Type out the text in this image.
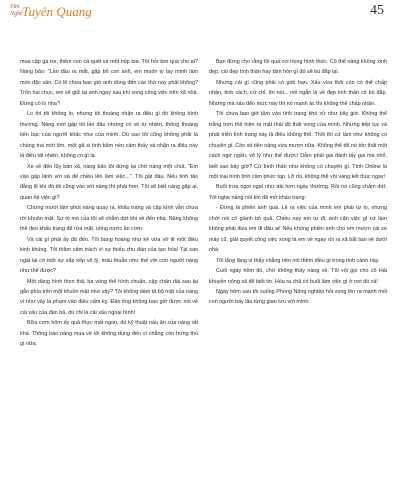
Văn
Nghệ Tuyên Quang	45

mua cặp gà tre, thêm con cá quết và một hộp bia. Tôi hỏi làm quà cho ai? Nàng bảo: "Lần đầu ra mắt, gặp bố con anh, em muốn ty tay mình làm món đặc sản. Có lẽ chưa bao giờ anh dùng đến các thứ này phải không? Trốn hai chục, em sẽ giữ lại anh ngay sau khi xong công việc trên xã nhà. Đừng có lo nha"!

Lo thì tôi không lo, nhưng tôi thoáng nhận ra điều gì đó không bình thường. Nàng mới gặp tôi lần đầu nhưng có vẻ tự nhiên, thông thoáng tiến bạc của người khác như của mình. Dù sao tôi cũng không phải là chàng trai mới lớn, một gã si tình bẩm nén cảm thấy và nhận ra điều này là điều tất nhiên, không có gì lạ.

Xe về đến lũy bản xã, nàng bảo tôi đứng lại chờ nàng một chút. "Em vào gặp lãnh với xã để chiều lên làm việc...". Tôi gật đầu. Nếu tình tảo đằng lẽ khi đó tôi cũng vào với nàng thì phải hơn. Tôi sẽ biết nàng gặp ai, quan hệ việc gì?

Chừng mười lăm phút nàng quay ra, khẩu trang và cặp kính vẫn chưa rời khuôn mặt. Sự tò mò của tôi sẽ chẳm dứt khi về đến nhà. Nàng không thể đeo khẩu trang để rửa mặt, uống nước ăn cơm.

Và cái gì phải ấy đã đến. Tôi bàng hoàng như kẻ vừa vỡ lẽ một điều kinh khủng. Tôi thẩm cảm trách vì sự thiếu chu đáo của tạo hóa! Tại sao ngài lại có một sự sắp xếp vô lý, máu thuẫn như thế với con người nàng như thế được?

Một dáng hình thon thả, ba vòng thể hình chuẩn, cặp chân dài sao lại gắn phía trên một khuôn mặt như vậy? Tôi không dám tả bộ mặt của nàng vì như vậy là phạm vào điều cấm kỵ. Đàn ông không bao giờ được nói về cái xấu của đàn bà, dù chỉ là cái xấu ngoại hình!

Bữa cơm hôm ấy quả thực mất ngon, dù kỹ thuật nấu ăn của nàng rất khá. Thông báo nàng mua về tôi không dụng đến vì chẳng còn hứng thú gì nữa.

Bạn đừng cho rằng tôi quá coi trọng hình thức. Có thể nàng không xinh đẹp, cái đẹp tính thần hay tâm hồn gì đó sẽ bù đắp lại.

Nhưng cái gì cũng phải có giới hạn. Xấu vừa thôi còn có thể chấp nhận, tính cách, cử chỉ, lời nói... nói ngắn là về đẹp tinh thần có bù đắp. Nhưng mà xấu đến mức này thì nó mạnh ác thì không thể chấp nhận.

Tôi chưa bao giờ tâm vào tình trạng khó xử như bây giờ. Không thể trắng trợn thể hiện ra mặt thái độ thất vọng của mình. Nhưng tiếp tục và phát triển tình trạng này là điều không thể. Thôi thì cứ làm như không có chuyện gì. Còn số tiền nàng vừa mượn nữa. Không thể để nó tốn thất một cách ngớ ngẩn, vô lý như thế được! Dẫm phải gai đành lấy gai mà nhổ, biết sao bây giờ? Cứ bình thản như không có chuyện gì. Tình Online là một loại hình tình cảm phức tạp. Lỡ rồi, không thể vội vàng kết thúc ngay!

Buổi trưa ngọt ngạt như dài hơn ngày thường. Rồi nó cũng chấm dứt. Tôi nghe nàng nói khi đã mở khẩu trang:

- Đừng là phiền anh quá. Lẽ ra việc của mình em phải tự lo, nhưng chớt nói có giành bố quả. Chiều nay em tự đi, anh cận việc gì cứ làm không phải đưa em đi đâu ai! Nếu không phiền anh cho em mượn cái xe máy cũ, giải quyết công việc xong là em về ngay rồi ra xã bắt taxi về dưới nhà.

Tôi lắng lặng vì thấy chẳng nên nói thêm điều gì trong tình cảnh này.

Cuối ngày hôm đó, chờ không thấy nàng về. Tôi vội gọi cho cô Hải khuyến nông xã để biết tin. Hóa ra chả có buổi làm việc gì ở nơi đó cả!

Ngày hôm sau tôi xuống Phòng Nông nghiệp hỏi vọng lên ra mạnh mối con người bấy lâu từng giao lưu với mình.
